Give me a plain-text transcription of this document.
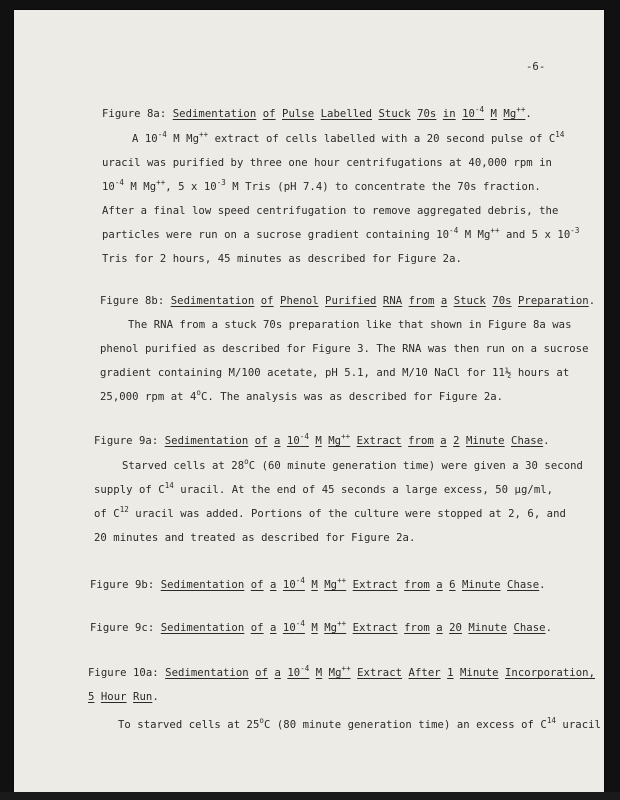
-6-
Figure 8a: Sedimentation of Pulse Labelled Stuck 70s in $10^{-4}$ M Mg++.
A $10^{-4}$ M Mg++ extract of cells labelled with a 20 second pulse of $C^{14}$
uracil was purified by three one hour centrifugations at 40,000 rpm in
$10^{-4}$ M Mg++, 5 x $10^{-3}$ M Tris (pH 7.4) to concentrate the 70s fraction.
After a final low speed centrifugation to remove aggregated debris, the
particles were run on a sucrose gradient containing $10^{-4}$ M Mg++ and 5 x $10^{-3}$
Tris for 2 hours, 45 minutes as described for Figure 2a.
Figure 8b: Sedimentation of Phenol Purified RNA from a Stuck 70s Preparation.
The RNA from a stuck 70s preparation like that shown in Figure 8a was
phenol purified as described for Figure 3. The RNA was then run on a sucrose
gradient containing M/100 acetate, pH 5.1, and M/10 NaCl for 11½ hours at
25,000 rpm at 4$^o$C. The analysis was as described for Figure 2a.
Figure 9a: Sedimentation of a $10^{-4}$ M Mg++ Extract from a 2 Minute Chase.
Starved cells at 28$^o$C (60 minute generation time) were given a 30 second
supply of $C^{14}$ uracil. At the end of 45 seconds a large excess, 50 µg/ml,
of $C^{12}$ uracil was added. Portions of the culture were stopped at 2, 6, and
20 minutes and treated as described for Figure 2a.
Figure 9b: Sedimentation of a $10^{-4}$ M Mg++ Extract from a 6 Minute Chase.
Figure 9c: Sedimentation of a $10^{-4}$ M Mg++ Extract from a 20 Minute Chase.
Figure 10a: Sedimentation of a $10^{-4}$ M Mg++ Extract After 1 Minute Incorporation,
5 Hour Run.
To starved cells at 25$^o$C (80 minute generation time) an excess of $C^{14}$ uracil
